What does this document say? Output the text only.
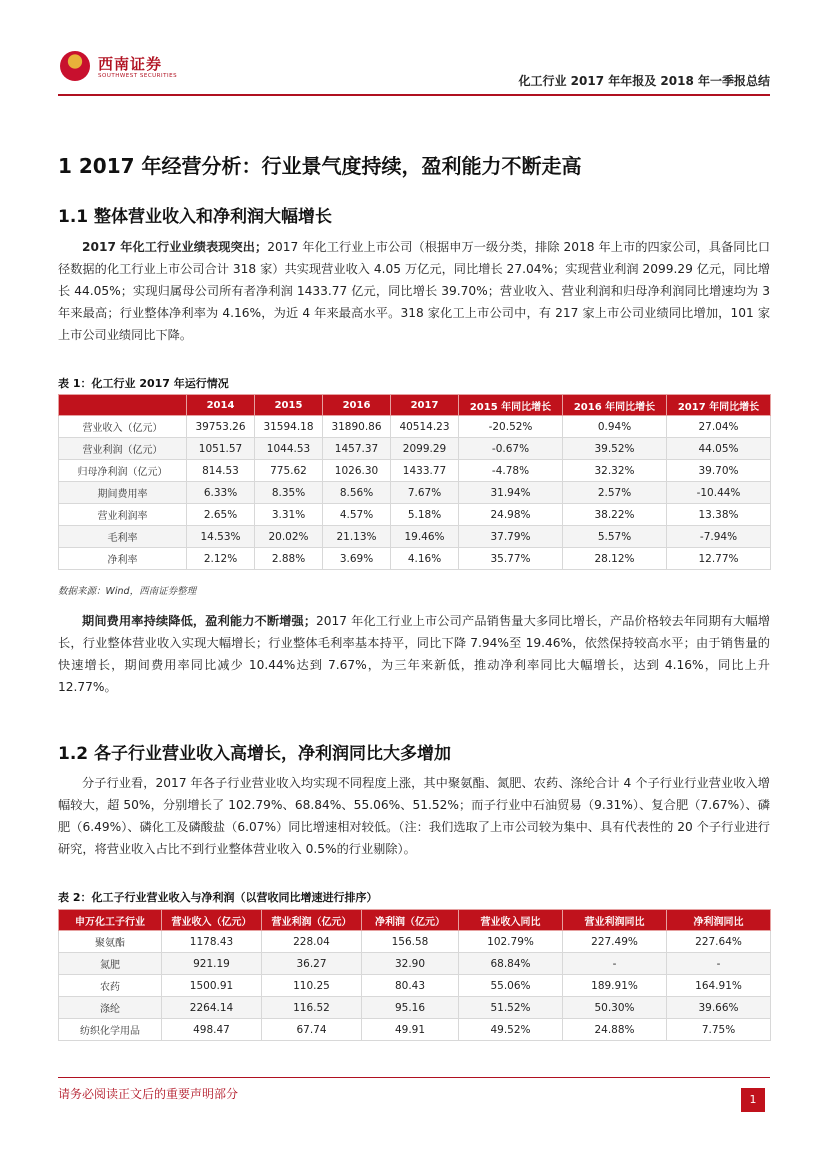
西南证券
SOUTHWEST SECURITIES	化工行业 2017 年年报及 2018 年一季报总结
1 2017 年经营分析：行业景气度持续，盈利能力不断走高
1.1 整体营业收入和净利润大幅增长
2017 年化工行业业绩表现突出；2017 年化工行业上市公司（根据申万一级分类，排除 2018 年上市的四家公司，具备同比口径数据的化工行业上市公司合计 318 家）共实现营业收入 4.05 万亿元，同比增长 27.04%；实现营业利润 2099.29 亿元，同比增长 44.05%；实现归属母公司所有者净利润 1433.77 亿元，同比增长 39.70%；营业收入、营业利润和归母净利润同比增速均为 3 年来最高；行业整体净利率为 4.16%，为近 4 年来最高水平。318 家化工上市公司中，有 217 家上市公司业绩同比增加，101 家上市公司业绩同比下降。
表 1：化工行业 2017 年运行情况
	2014	2015	2016	2017	2015 年同比增长	2016 年同比增长	2017 年同比增长
营业收入（亿元）	39753.26	31594.18	31890.86	40514.23	-20.52%	0.94%	27.04%
营业利润（亿元）	1051.57	1044.53	1457.37	2099.29	-0.67%	39.52%	44.05%
归母净利润（亿元）	814.53	775.62	1026.30	1433.77	-4.78%	32.32%	39.70%
期间费用率	6.33%	8.35%	8.56%	7.67%	31.94%	2.57%	-10.44%
营业利润率	2.65%	3.31%	4.57%	5.18%	24.98%	38.22%	13.38%
毛利率	14.53%	20.02%	21.13%	19.46%	37.79%	5.57%	-7.94%
净利率	2.12%	2.88%	3.69%	4.16%	35.77%	28.12%	12.77%
数据来源：Wind，西南证券整理
期间费用率持续降低，盈利能力不断增强；2017 年化工行业上市公司产品销售量大多同比增长，产品价格较去年同期有大幅增长，行业整体营业收入实现大幅增长；行业整体毛利率基本持平，同比下降 7.94%至 19.46%，依然保持较高水平；由于销售量的快速增长，期间费用率同比减少 10.44%达到 7.67%，为三年来新低，推动净利率同比大幅增长，达到 4.16%，同比上升 12.77%。
1.2 各子行业营业收入高增长，净利润同比大多增加
分子行业看，2017 年各子行业营业收入均实现不同程度上涨，其中聚氨酯、氮肥、农药、涤纶合计 4 个子行业行业营业收入增幅较大，超 50%，分别增长了 102.79%、68.84%、55.06%、51.52%；而子行业中石油贸易（9.31%）、复合肥（7.67%）、磷肥（6.49%）、磷化工及磷酸盐（6.07%）同比增速相对较低。（注：我们选取了上市公司较为集中、具有代表性的 20 个子行业进行研究，将营业收入占比不到行业整体营业收入 0.5%的行业剔除）。
表 2：化工子行业营业收入与净利润（以营收同比增速进行排序）
申万化工子行业	营业收入（亿元）	营业利润（亿元）	净利润（亿元）	营业收入同比	营业利润同比	净利润同比
聚氨酯	1178.43	228.04	156.58	102.79%	227.49%	227.64%
氮肥	921.19	36.27	32.90	68.84%	-	-
农药	1500.91	110.25	80.43	55.06%	189.91%	164.91%
涤纶	2264.14	116.52	95.16	51.52%	50.30%	39.66%
纺织化学用品	498.47	67.74	49.91	49.52%	24.88%	7.75%
请务必阅读正文后的重要声明部分	1
